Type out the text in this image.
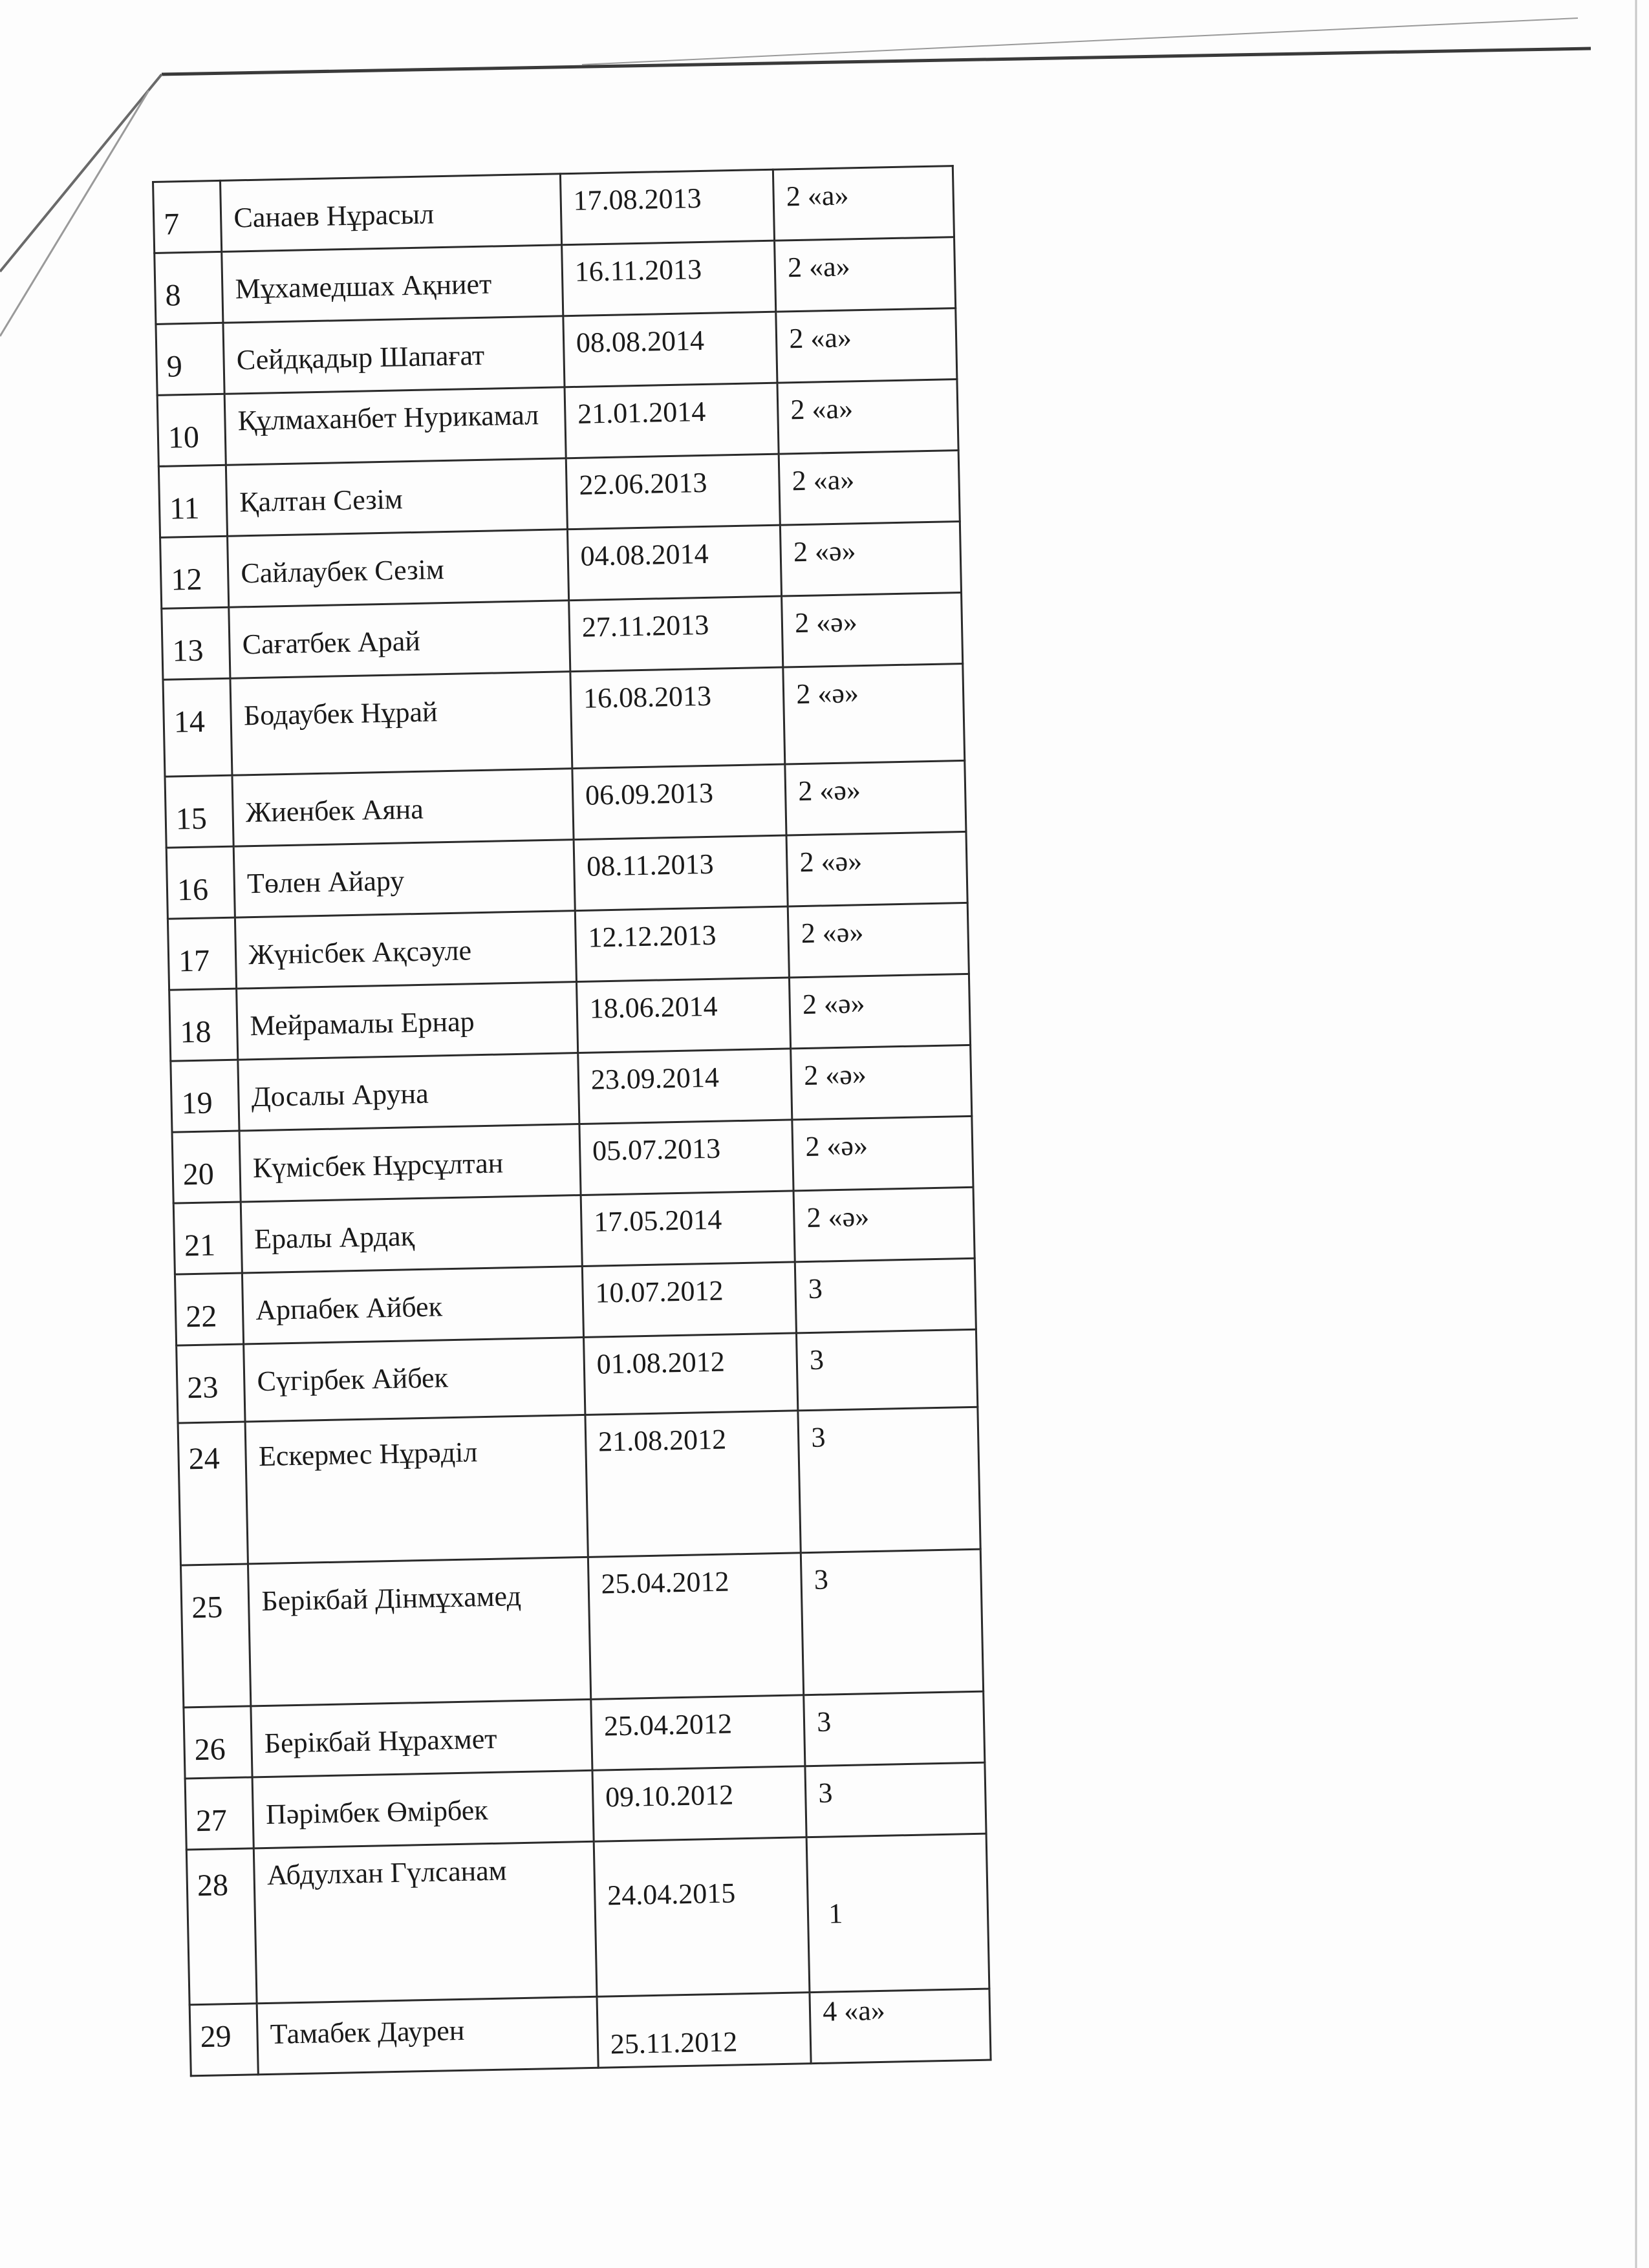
7	Санаев Нұрасыл	17.08.2013	2 «а»
8	Мұхамедшах Ақниет	16.11.2013	2 «а»
9	Сейдқадыр Шапағат	08.08.2014	2 «а»
10	Құлмаханбет Нурикамал	21.01.2014	2 «а»
11	Қалтан Сезім	22.06.2013	2 «а»
12	Сайлаубек Сезім	04.08.2014	2 «ә»
13	Сағатбек Арай	27.11.2013	2 «ә»
14	Бодаубек Нұрай	16.08.2013	2 «ә»
15	Жиенбек Аяна	06.09.2013	2 «ә»
16	Төлен Айару	08.11.2013	2 «ә»
17	Жүнісбек Ақсәуле	12.12.2013	2 «ә»
18	Мейрамалы Ернар	18.06.2014	2 «ә»
19	Досалы Аруна	23.09.2014	2 «ә»
20	Күмісбек Нұрсұлтан	05.07.2013	2 «ә»
21	Ералы Ардақ	17.05.2014	2 «ә»
22	Арпабек Айбек	10.07.2012	3
23	Сүгірбек Айбек	01.08.2012	3
24	Ескермес Нұрәділ	21.08.2012	3
25	Берікбай Дінмұхамед	25.04.2012	3
26	Берікбай Нұрахмет	25.04.2012	3
27	Пәрімбек Өмірбек	09.10.2012	3
28	Абдулхан Гүлсанам	24.04.2015	1
29	Тамабек Даурен	25.11.2012	4 «а»
